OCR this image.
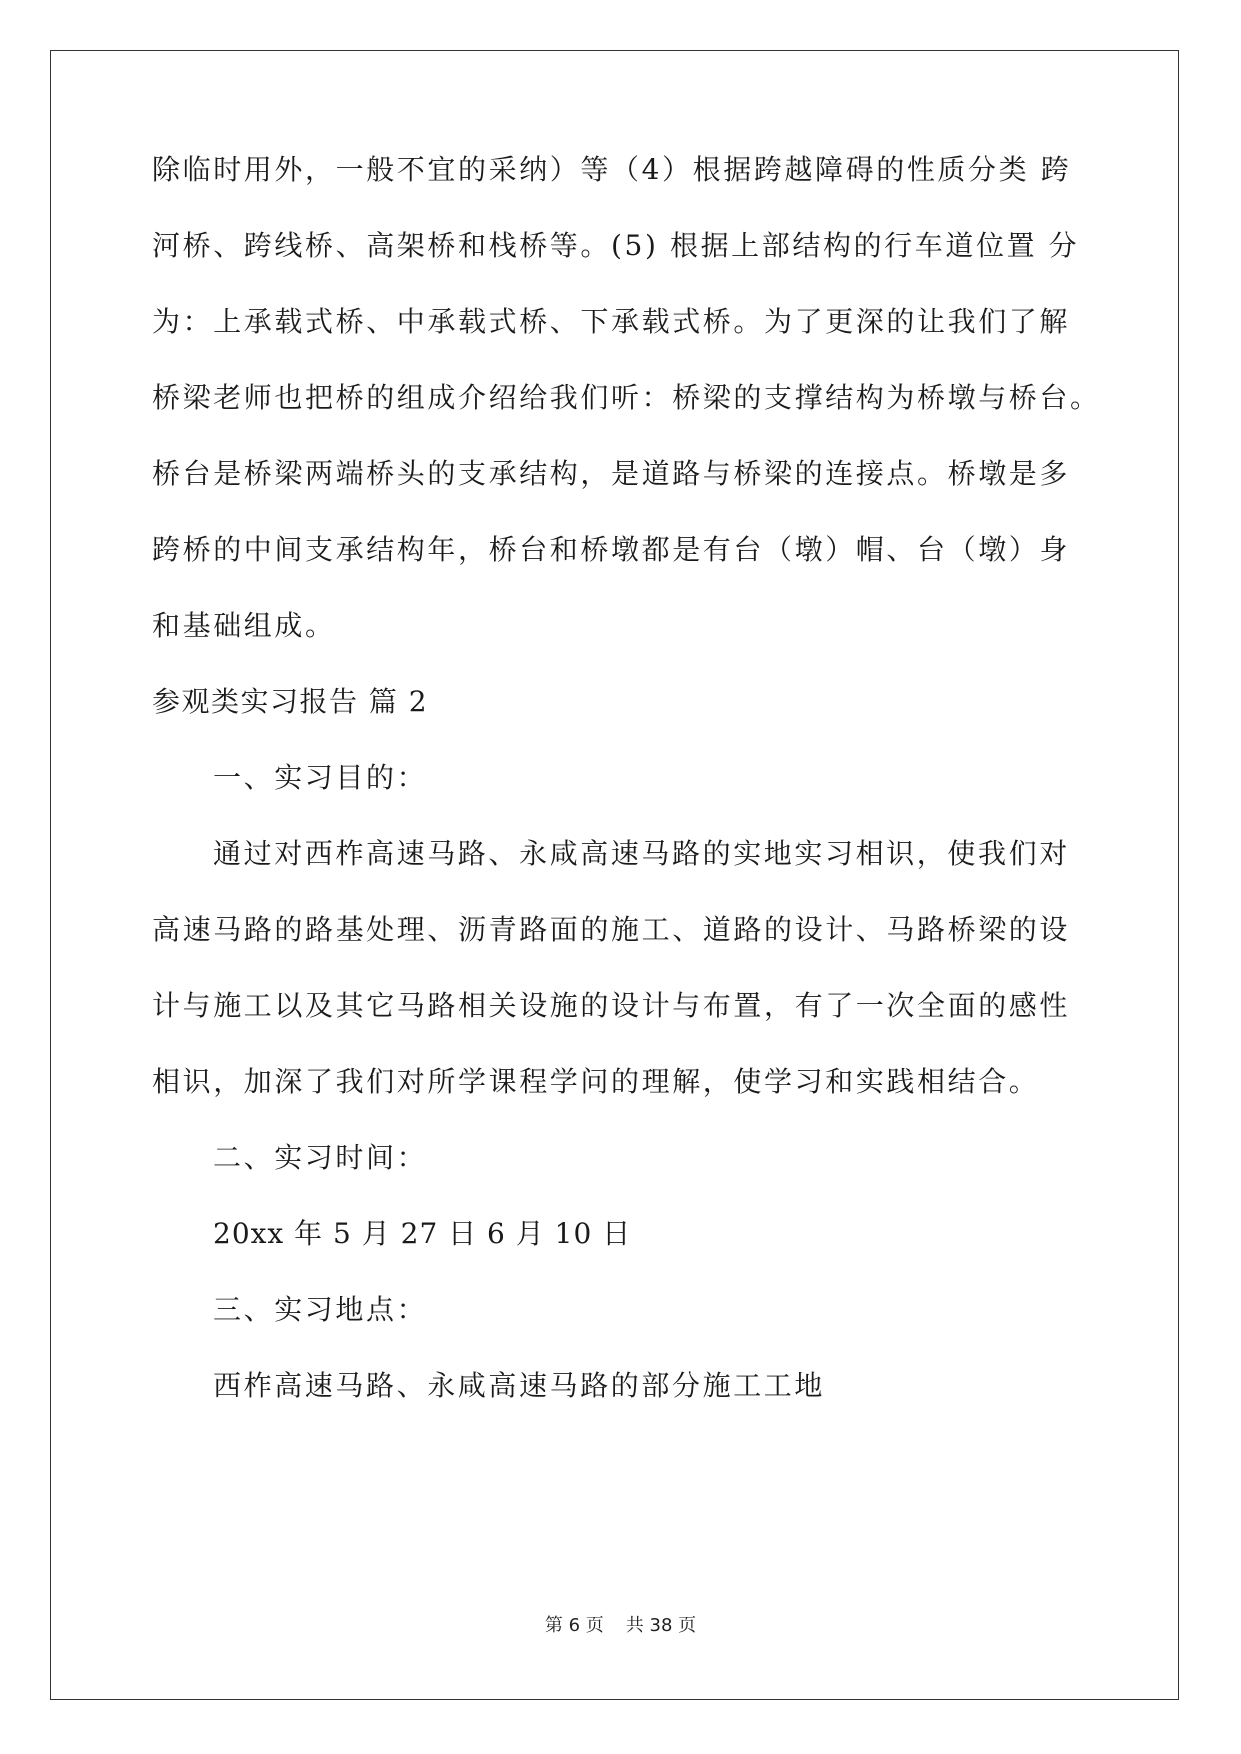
除临时用外，一般不宜的采纳）等（4）根据跨越障碍的性质分类 跨
河桥、跨线桥、高架桥和栈桥等。(5) 根据上部结构的行车道位置 分
为：上承载式桥、中承载式桥、下承载式桥。为了更深的让我们了解
桥梁老师也把桥的组成介绍给我们听：桥梁的支撑结构为桥墩与桥台。
桥台是桥梁两端桥头的支承结构，是道路与桥梁的连接点。桥墩是多
跨桥的中间支承结构年，桥台和桥墩都是有台（墩）帽、台（墩）身
和基础组成。
参观类实习报告 篇 2
一、实习目的：
通过对西柞高速马路、永咸高速马路的实地实习相识，使我们对
高速马路的路基处理、沥青路面的施工、道路的设计、马路桥梁的设
计与施工以及其它马路相关设施的设计与布置，有了一次全面的感性
相识，加深了我们对所学课程学问的理解，使学习和实践相结合。
二、实习时间：
20xx 年 5 月 27 日 6 月 10 日
三、实习地点：
西柞高速马路、永咸高速马路的部分施工工地
第 6 页 共 38 页
